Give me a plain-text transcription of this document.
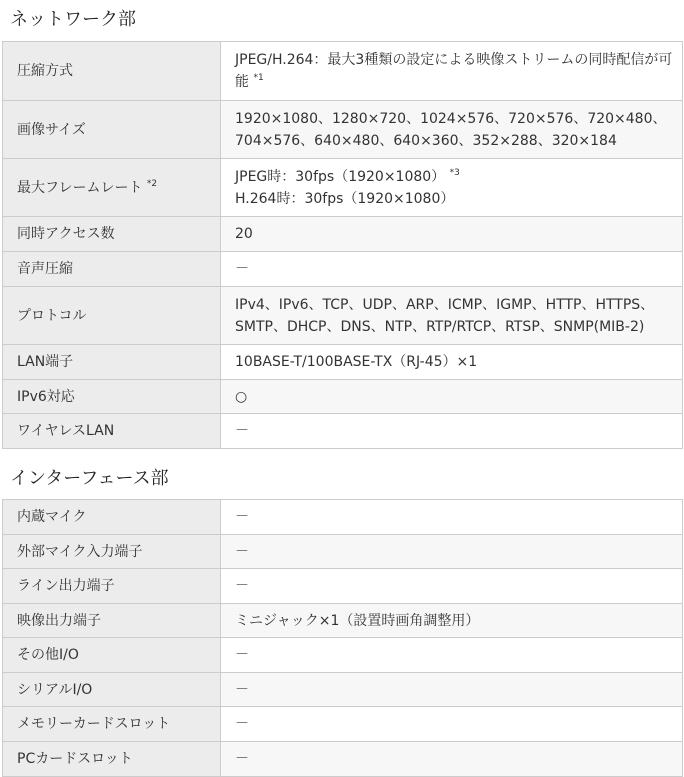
ネットワーク部
圧縮方式	JPEG/H.264：最大3種類の設定による映像ストリームの同時配信が可能 $^{*1}$
画像サイズ	1920×1080、1280×720、1024×576、720×576、720×480、704×576、640×480、640×360、352×288、320×184
最大フレームレート $^{*2}$	JPEG時：30fps（1920×1080） $^{*3}$
H.264時：30fps（1920×1080）

同時アクセス数	20
音声圧縮	－
プロトコル	IPv4、IPv6、TCP、UDP、ARP、ICMP、IGMP、HTTP、HTTPS、SMTP、DHCP、DNS、NTP、RTP/RTCP、RTSP、SNMP(MIB-2)
LAN端子	10BASE-T/100BASE-TX（RJ-45）×1
IPv6対応	○
ワイヤレスLAN	－
インターフェース部
内蔵マイク	－
外部マイク入力端子	－
ライン出力端子	－
映像出力端子	ミニジャック×1（設置時画角調整用）
その他I/O	－
シリアルI/O	－
メモリーカードスロット	－
PCカードスロット	－
